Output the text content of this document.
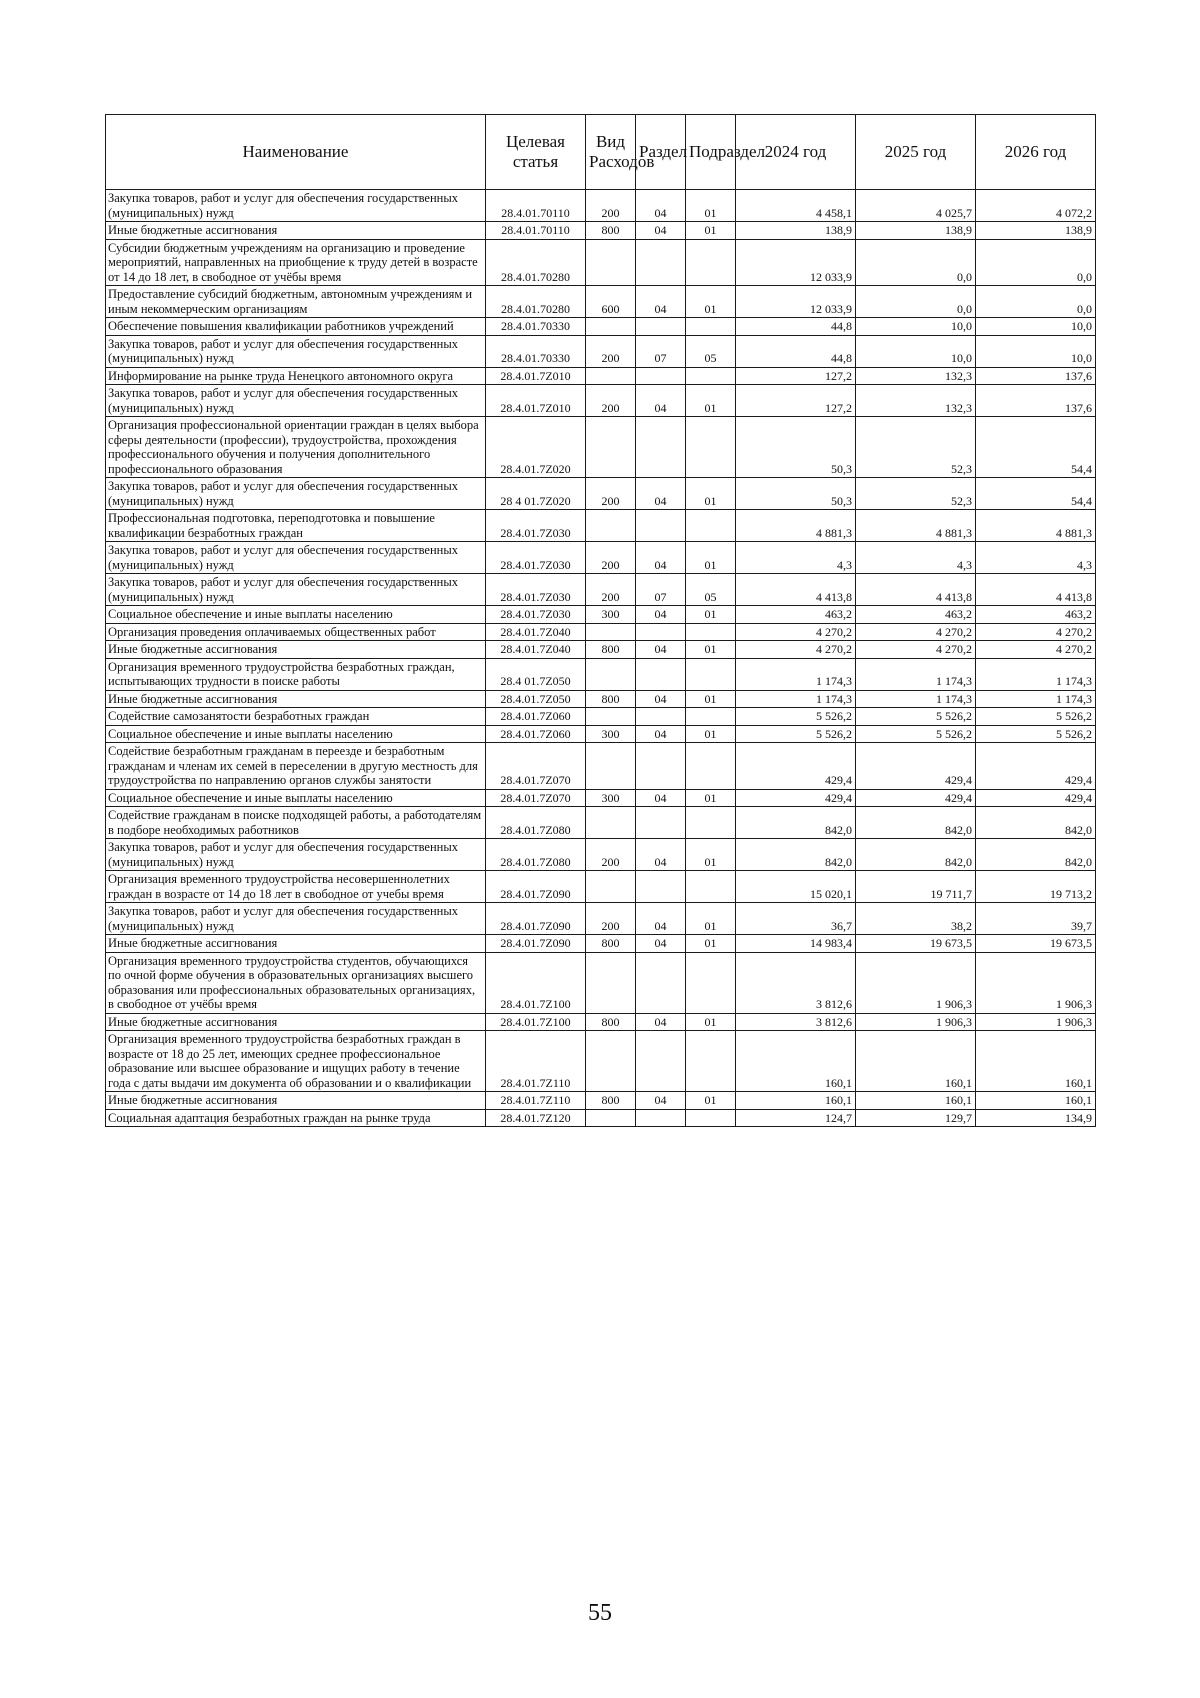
Наименование	Целевая статья	Вид Расходов	Раздел	Подраздел	2024 год	2025 год	2026 год
Закупка товаров, работ и услуг для обеспечения государственных (муниципальных) нужд	28.4.01.70110	200	04	01	4 458,1	4 025,7	4 072,2
Иные бюджетные ассигнования	28.4.01.70110	800	04	01	138,9	138,9	138,9
Субсидии бюджетным учреждениям на организацию и проведение мероприятий, направленных на приобщение к труду детей в возрасте от 14 до 18 лет, в свободное от учёбы время	28.4.01.70280				12 033,9	0,0	0,0
Предоставление субсидий бюджетным, автономным учреждениям и иным некоммерческим организациям	28.4.01.70280	600	04	01	12 033,9	0,0	0,0
Обеспечение повышения квалификации работников учреждений	28.4.01.70330				44,8	10,0	10,0
Закупка товаров, работ и услуг для обеспечения государственных (муниципальных) нужд	28.4.01.70330	200	07	05	44,8	10,0	10,0
Информирование на рынке труда Ненецкого автономного округа	28.4.01.7Z010				127,2	132,3	137,6
Закупка товаров, работ и услуг для обеспечения государственных (муниципальных) нужд	28.4.01.7Z010	200	04	01	127,2	132,3	137,6
Организация профессиональной ориентации граждан в целях выбора сферы деятельности (профессии), трудоустройства, прохождения профессионального обучения и получения дополнительного профессионального образования	28.4.01.7Z020				50,3	52,3	54,4
Закупка товаров, работ и услуг для обеспечения государственных (муниципальных) нужд	28 4 01.7Z020	200	04	01	50,3	52,3	54,4
Профессиональная подготовка, переподготовка и повышение квалификации безработных граждан	28.4.01.7Z030				4 881,3	4 881,3	4 881,3
Закупка товаров, работ и услуг для обеспечения государственных (муниципальных) нужд	28.4.01.7Z030	200	04	01	4,3	4,3	4,3
Закупка товаров, работ и услуг для обеспечения государственных (муниципальных) нужд	28.4.01.7Z030	200	07	05	4 413,8	4 413,8	4 413,8
Социальное обеспечение и иные выплаты населению	28.4.01.7Z030	300	04	01	463,2	463,2	463,2
Организация проведения оплачиваемых общественных работ	28.4.01.7Z040				4 270,2	4 270,2	4 270,2
Иные бюджетные ассигнования	28.4.01.7Z040	800	04	01	4 270,2	4 270,2	4 270,2
Организация временного трудоустройства безработных граждан, испытывающих трудности в поиске работы	28.4 01.7Z050				1 174,3	1 174,3	1 174,3
Иные бюджетные ассигнования	28.4.01.7Z050	800	04	01	1 174,3	1 174,3	1 174,3
Содействие самозанятости безработных граждан	28.4.01.7Z060				5 526,2	5 526,2	5 526,2
Социальное обеспечение и иные выплаты населению	28.4.01.7Z060	300	04	01	5 526,2	5 526,2	5 526,2
Содействие безработным гражданам в переезде и безработным гражданам и членам их семей в переселении в другую местность для трудоустройства по направлению органов службы занятости	28.4.01.7Z070				429,4	429,4	429,4
Социальное обеспечение и иные выплаты населению	28.4.01.7Z070	300	04	01	429,4	429,4	429,4
Содействие гражданам в поиске подходящей работы, а работодателям в подборе необходимых работников	28.4.01.7Z080				842,0	842,0	842,0
Закупка товаров, работ и услуг для обеспечения государственных (муниципальных) нужд	28.4.01.7Z080	200	04	01	842,0	842,0	842,0
Организация временного трудоустройства несовершеннолетних граждан в возрасте от 14 до 18 лет в свободное от учебы время	28.4.01.7Z090				15 020,1	19 711,7	19 713,2
Закупка товаров, работ и услуг для обеспечения государственных (муниципальных) нужд	28.4.01.7Z090	200	04	01	36,7	38,2	39,7
Иные бюджетные ассигнования	28.4.01.7Z090	800	04	01	14 983,4	19 673,5	19 673,5
Организация временного трудоустройства студентов, обучающихся по очной форме обучения в образовательных организациях высшего образования или профессиональных образовательных организациях, в свободное от учёбы время	28.4.01.7Z100				3 812,6	1 906,3	1 906,3
Иные бюджетные ассигнования	28.4.01.7Z100	800	04	01	3 812,6	1 906,3	1 906,3
Организация временного трудоустройства безработных граждан в возрасте от 18 до 25 лет, имеющих среднее профессиональное образование или высшее образование и ищущих работу в течение года с даты выдачи им документа об образовании и о квалификации	28.4.01.7Z110				160,1	160,1	160,1
Иные бюджетные ассигнования	28.4.01.7Z110	800	04	01	160,1	160,1	160,1
Социальная адаптация безработных граждан на рынке труда	28.4.01.7Z120				124,7	129,7	134,9
55
